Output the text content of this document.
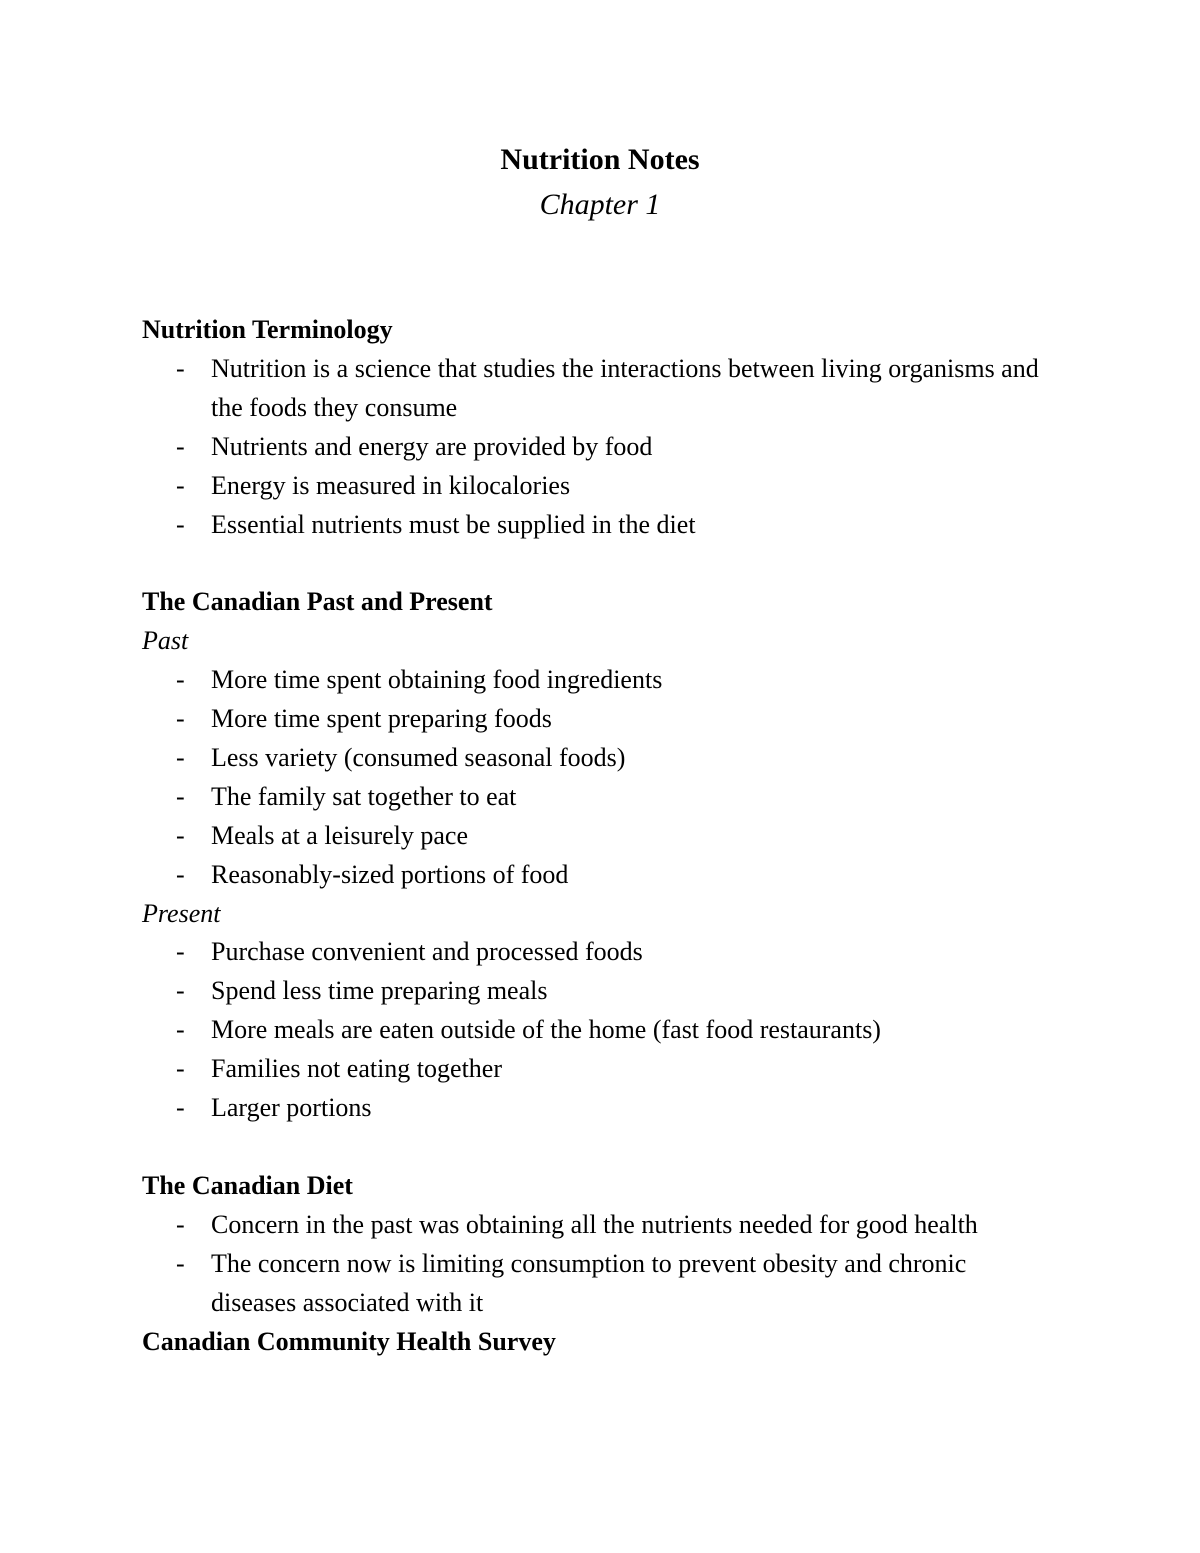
Nutrition Notes
Chapter 1
Nutrition Terminology
- Nutrition is a science that studies the interactions between living organisms and the foods they consume
- Nutrients and energy are provided by food
- Energy is measured in kilocalories
- Essential nutrients must be supplied in the diet
The Canadian Past and Present
Past
- More time spent obtaining food ingredients
- More time spent preparing foods
- Less variety (consumed seasonal foods)
- The family sat together to eat
- Meals at a leisurely pace
- Reasonably-sized portions of food
Present
- Purchase convenient and processed foods
- Spend less time preparing meals
- More meals are eaten outside of the home (fast food restaurants)
- Families not eating together
- Larger portions
The Canadian Diet
- Concern in the past was obtaining all the nutrients needed for good health
- The concern now is limiting consumption to prevent obesity and chronic diseases associated with it
Canadian Community Health Survey
